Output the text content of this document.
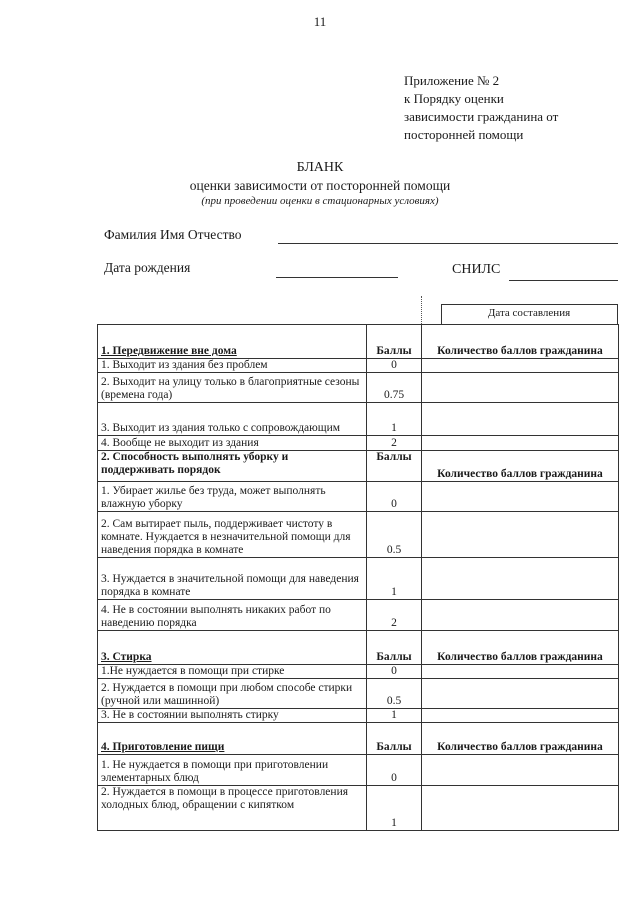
11
Приложение № 2
к Порядку оценки
зависимости гражданина от
посторонней помощи
БЛАНК
оценки зависимости от посторонней помощи
(при проведении оценки в стационарных условиях)
Фамилия Имя Отчество
Дата рождения	СНИЛС
Дата составления
1. Передвижение вне дома	Баллы	Количество баллов гражданина
1. Выходит из здания без проблем	0	
2. Выходит на улицу только в благоприятные сезоны (времена года)	0.75	
3. Выходит из здания только с сопровождающим	1	
4. Вообще не выходит из здания	2	
2. Способность выполнять уборку и поддерживать порядок	Баллы	Количество баллов гражданина
1. Убирает жилье без труда, может выполнять влажную уборку	0	
2. Сам вытирает пыль, поддерживает чистоту в комнате. Нуждается в незначительной помощи для наведения порядка в комнате	0.5	
3. Нуждается в значительной помощи для наведения порядка в комнате	1	
4. Не в состоянии выполнять никаких работ по наведению порядка	2	
3. Стирка	Баллы	Количество баллов гражданина
1.Не нуждается в помощи при стирке	0	
2. Нуждается в помощи при любом способе стирки (ручной или машинной)	0.5	
3. Не в состоянии выполнять стирку	1	
4. Приготовление пищи	Баллы	Количество баллов гражданина
1. Не нуждается в помощи при приготовлении элементарных блюд	0	
2. Нуждается в помощи в процессе приготовления холодных блюд, обращении с кипятком	1	
